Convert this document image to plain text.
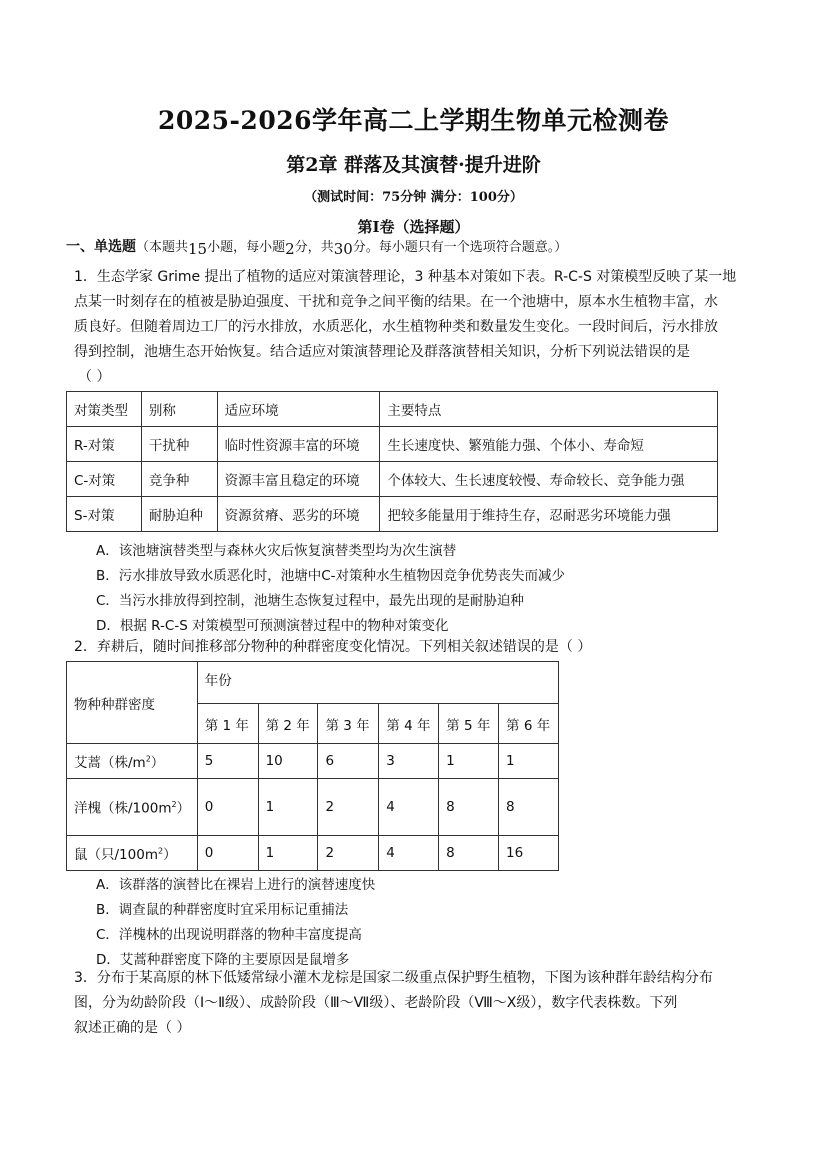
2025-2026学年高二上学期生物单元检测卷
第2章 群落及其演替·提升进阶
（测试时间：75分钟 满分：100分）
第Ⅰ卷（选择题）
一、单选题（本题共15小题，每小题2分，共30分。每小题只有一个选项符合题意。）
1．生态学家 Grime 提出了植物的适应对策演替理论，3 种基本对策如下表。R-C-S 对策模型反映了某一地
点某一时刻存在的植被是胁迫强度、干扰和竞争之间平衡的结果。在一个池塘中，原本水生植物丰富，水
质良好。但随着周边工厂的污水排放，水质恶化，水生植物种类和数量发生变化。一段时间后，污水排放
得到控制，池塘生态开始恢复。结合适应对策演替理论及群落演替相关知识，分析下列说法错误的是
（ ）
对策类型	别称	适应环境	主要特点
R-对策	干扰种	临时性资源丰富的环境	生长速度快、繁殖能力强、个体小、寿命短
C-对策	竞争种	资源丰富且稳定的环境	个体较大、生长速度较慢、寿命较长、竞争能力强
S-对策	耐胁迫种	资源贫瘠、恶劣的环境	把较多能量用于维持生存，忍耐恶劣环境能力强
A．该池塘演替类型与森林火灾后恢复演替类型均为次生演替
B．污水排放导致水质恶化时，池塘中C-对策种水生植物因竞争优势丧失而减少
C．当污水排放得到控制，池塘生态恢复过程中，最先出现的是耐胁迫种
D．根据 R-C-S 对策模型可预测演替过程中的物种对策变化
2．弃耕后，随时间推移部分物种的种群密度变化情况。下列相关叙述错误的是（ ）
物种种群密度	年份					
	第 1 年	第 2 年	第 3 年	第 4 年	第 5 年	第 6 年
艾蒿（株$/m^2$）	5	10	6	3	1	1
洋槐（株$/100m^2$）	0	1	2	4	8	8
鼠（只$/100m^2$）	0	1	2	4	8	16
A．该群落的演替比在裸岩上进行的演替速度快
B．调查鼠的种群密度时宜采用标记重捕法
C．洋槐林的出现说明群落的物种丰富度提高
D．艾蒿种群密度下降的主要原因是鼠增多
3．分布于某高原的林下低矮常绿小灌木龙棕是国家二级重点保护野生植物，下图为该种群年龄结构分布
图，分为幼龄阶段（Ⅰ～Ⅱ级）、成龄阶段（Ⅲ～Ⅶ级）、老龄阶段（Ⅷ～Ⅹ级），数字代表株数。下列
叙述正确的是（ ）
